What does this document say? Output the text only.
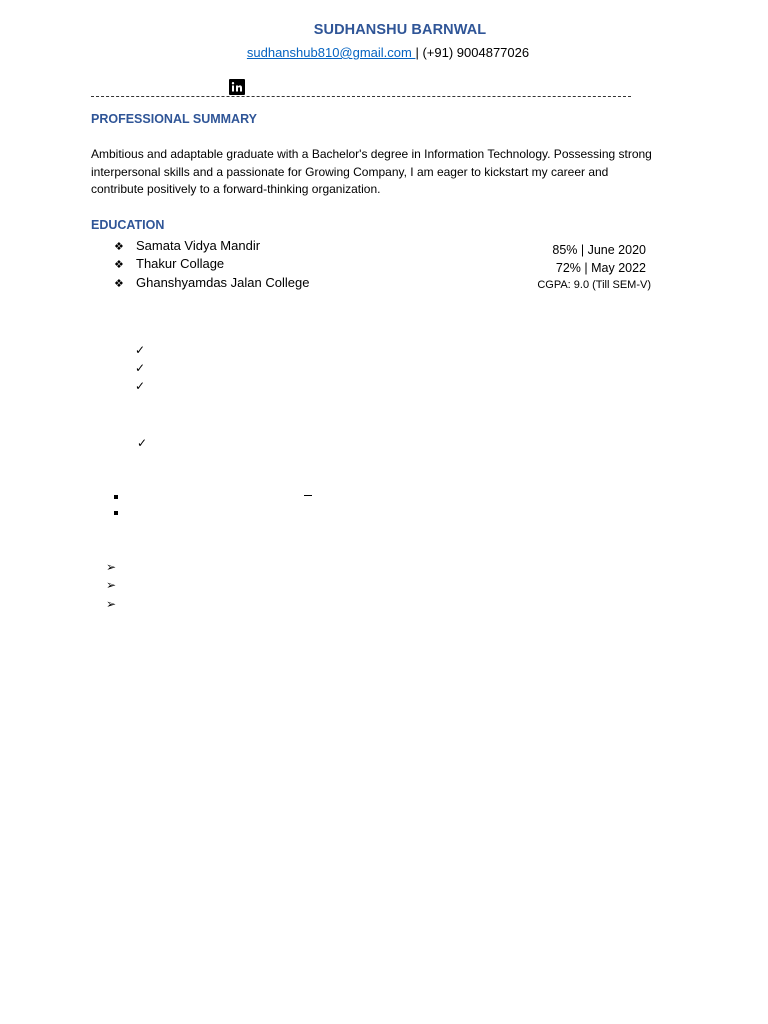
SUDHANSHU BARNWAL
sudhanshub810@gmail.com | (+91) 9004877026
PROFESSIONAL SUMMARY
Ambitious and adaptable graduate with a Bachelor's degree in Information Technology. Possessing strong interpersonal skills and a passionate for Growing Company, I am eager to kickstart my career and contribute positively to a forward-thinking organization.
EDUCATION
❖ Samata Vidya Mandir
❖ Thakur Collage
❖ Ghanshyamdas Jalan College
85% | June 2020
72% | May 2022
CGPA: 9.0 (Till SEM-V)
✓
✓
✓
✓
➢
➢
➢
